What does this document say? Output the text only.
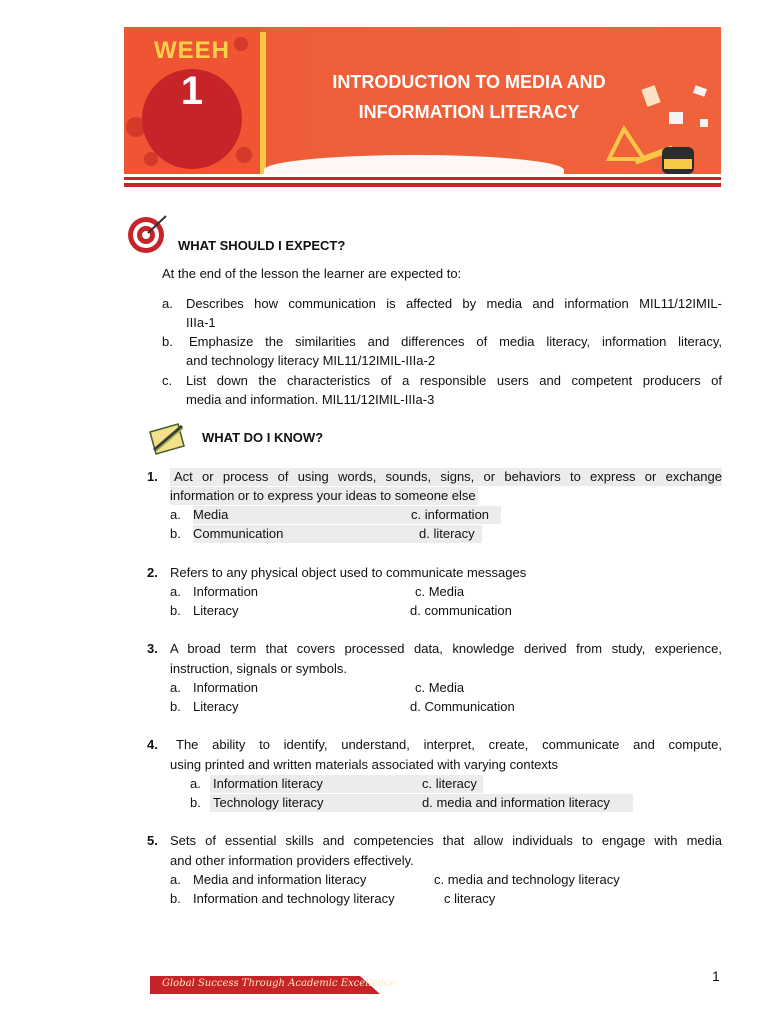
WEEH
1	INTRODUCTION TO MEDIA AND
INFORMATION LITERACY
WHAT SHOULD I EXPECT?
At the end of the lesson the learner are expected to:
a. Describes how communication is affected by media and information MIL11/12IMIL-
IIIa-1
b. Emphasize the similarities and differences of media literacy, information literacy,
and technology literacy MIL11/12IMIL-IIIa-2
c. List down the characteristics of a responsible users and competent producers of
media and information. MIL11/12IMIL-IIIa-3
WHAT DO I KNOW?
1.	Act or process of using words, sounds, signs, or behaviors to express or exchange
information or to express your ideas to someone else
a. Media	c. information
b. Communication	d. literacy
2. Refers to any physical object used to communicate messages
a. Information	c. Media
b. Literacy	d. communication
3. A broad term that covers processed data, knowledge derived from study, experience,
instruction, signals or symbols.
a. Information	c. Media
b. Literacy	d. Communication
4. The ability to identify, understand, interpret, create, communicate and compute,
using printed and written materials associated with varying contexts
a. Information literacy	c. literacy
b. Technology literacy	d. media and information literacy
5. Sets of essential skills and competencies that allow individuals to engage with media
and other information providers effectively.
a. Media and information literacy	c. media and technology literacy
b. Information and technology literacy	c literacy
Global Success Through Academic Excellence	1
